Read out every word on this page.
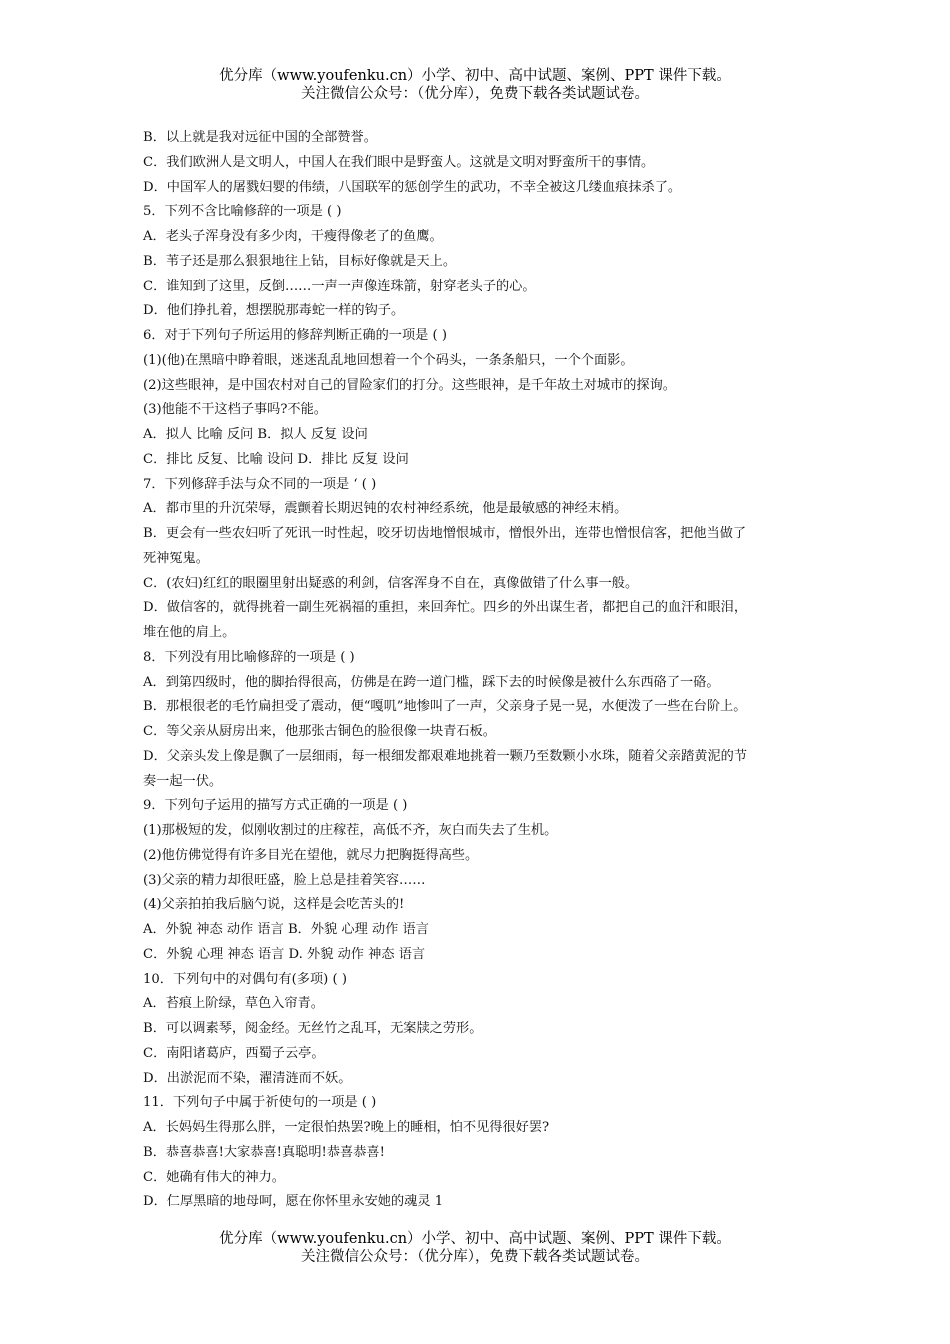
优分库（www.youfenku.cn）小学、初中、高中试题、案例、PPT 课件下载。
关注微信公众号：（优分库），免费下载各类试题试卷。
B．以上就是我对远征中国的全部赞誉。
C．我们欧洲人是文明人，中国人在我们眼中是野蛮人。这就是文明对野蛮所干的事情。
D．中国军人的屠戮妇婴的伟绩，八国联军的惩创学生的武功，不幸全被这几缕血痕抹杀了。
5．下列不含比喻修辞的一项是 ( )
A．老头子浑身没有多少肉，干瘦得像老了的鱼鹰。
B．苇子还是那么狠狠地往上钻，目标好像就是天上。
C．谁知到了这里，反倒……一声一声像连珠箭，射穿老头子的心。
D．他们挣扎着，想摆脱那毒蛇一样的钩子。
6．对于下列句子所运用的修辞判断正确的一项是 ( )
(1)(他)在黑暗中睁着眼，迷迷乱乱地回想着一个个码头，一条条船只，一个个面影。
(2)这些眼神，是中国农村对自己的冒险家们的打分。这些眼神，是千年故土对城市的探询。
(3)他能不干这档子事吗?不能。
A．拟人 比喻 反问 B．拟人 反复 设问
C．排比 反复、比喻 设问 D．排比 反复 设问
7．下列修辞手法与众不同的一项是 ‘ ( )
A．都市里的升沉荣辱，震颤着长期迟钝的农村神经系统，他是最敏感的神经末梢。
B．更会有一些农妇听了死讯一时性起，咬牙切齿地憎恨城市，憎恨外出，连带也憎恨信客，把他当做了
死神冤鬼。
C．(农妇)红红的眼圈里射出疑惑的利剑，信客浑身不自在，真像做错了什么事一般。
D．做信客的，就得挑着一副生死祸福的重担，来回奔忙。四乡的外出谋生者，都把自己的血汗和眼泪，
堆在他的肩上。
8．下列没有用比喻修辞的一项是 ( )
A．到第四级时，他的脚抬得很高，仿佛是在跨一道门槛，踩下去的时候像是被什么东西硌了一硌。
B．那根很老的毛竹扁担受了震动，便“嘎叽”地惨叫了一声，父亲身子晃一晃，水便泼了一些在台阶上。
C．等父亲从厨房出来，他那张古铜色的脸很像一块青石板。
D．父亲头发上像是飘了一层细雨，每一根细发都艰难地挑着一颗乃至数颗小水珠，随着父亲踏黄泥的节
奏一起一伏。
9．下列句子运用的描写方式正确的一项是 ( )
(1)那极短的发，似刚收割过的庄稼茬，高低不齐，灰白而失去了生机。
(2)他仿佛觉得有许多目光在望他，就尽力把胸挺得高些。
(3)父亲的精力却很旺盛，脸上总是挂着笑容……
(4)父亲拍拍我后脑勺说，这样是会吃苦头的!
A．外貌 神态 动作 语言 B．外貌 心理 动作 语言
C．外貌 心理 神态 语言 D. 外貌 动作 神态 语言
10．下列句中的对偶句有(多项) ( )
A．苔痕上阶绿，草色入帘青。
B．可以调素琴，阅金经。无丝竹之乱耳，无案牍之劳形。
C．南阳诸葛庐，西蜀子云亭。
D．出淤泥而不染，濯清涟而不妖。
11．下列句子中属于祈使句的一项是 ( )
A．长妈妈生得那么胖，一定很怕热罢?晚上的睡相，怕不见得很好罢?
B．恭喜恭喜!大家恭喜!真聪明!恭喜恭喜!
C．她确有伟大的神力。
D．仁厚黑暗的地母呵，愿在你怀里永安她的魂灵 1
优分库（www.youfenku.cn）小学、初中、高中试题、案例、PPT 课件下载。
关注微信公众号：（优分库），免费下载各类试题试卷。
